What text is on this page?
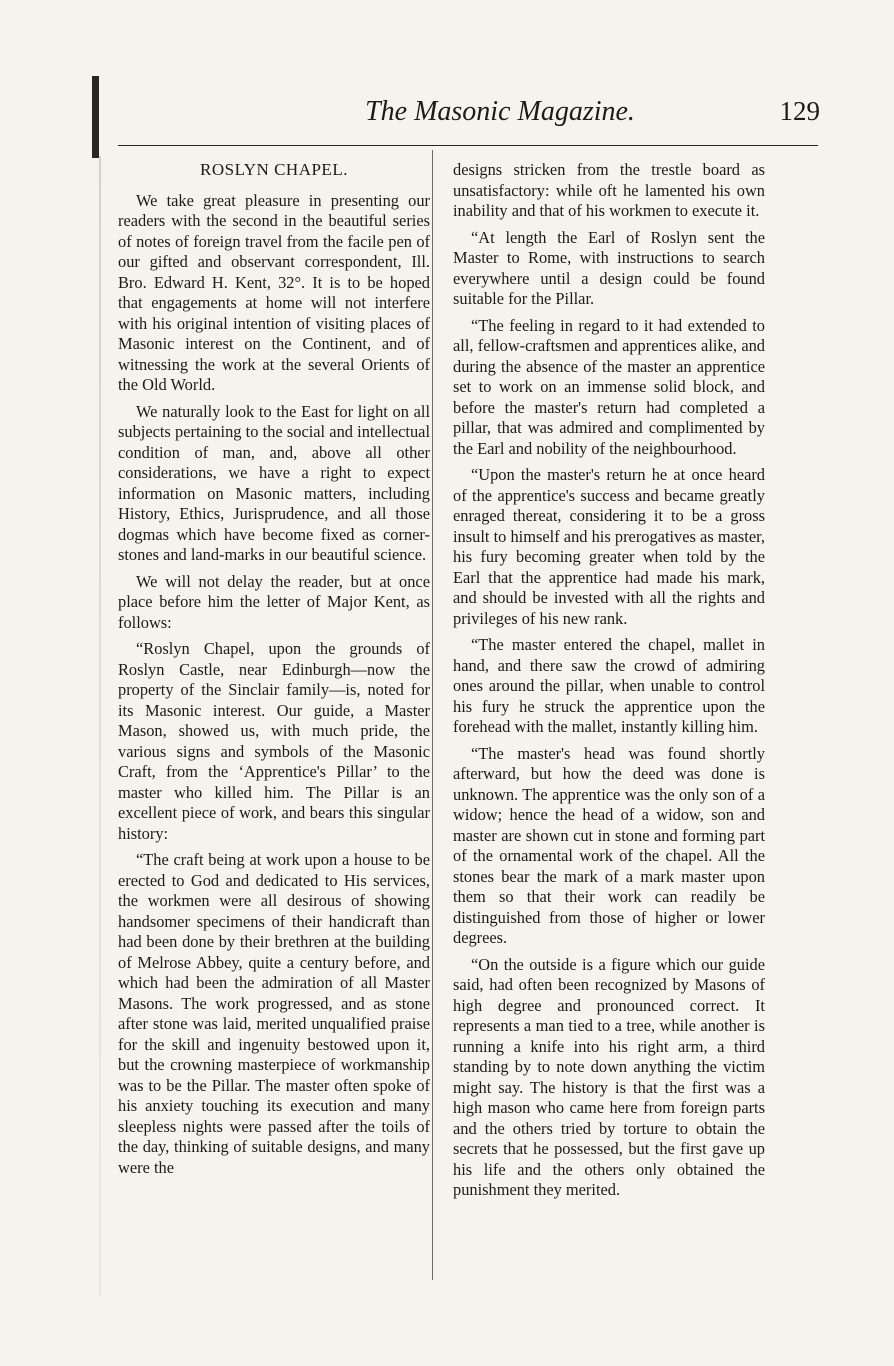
The Masonic Magazine.	129
ROSLYN CHAPEL.

We take great pleasure in presenting our readers with the second in the beautiful series of notes of foreign travel from the facile pen of our gifted and observant correspondent, Ill. Bro. Edward H. Kent, 32°. It is to be hoped that engagements at home will not interfere with his original intention of visiting places of Masonic interest on the Continent, and of witnessing the work at the several Orients of the Old World.

We naturally look to the East for light on all subjects pertaining to the social and intellectual condition of man, and, above all other considerations, we have a right to expect information on Masonic matters, including History, Ethics, Jurisprudence, and all those dogmas which have become fixed as corner-stones and land-marks in our beautiful science.

We will not delay the reader, but at once place before him the letter of Major Kent, as follows:

“Roslyn Chapel, upon the grounds of Roslyn Castle, near Edinburgh—now the property of the Sinclair family—is, noted for its Masonic interest. Our guide, a Master Mason, showed us, with much pride, the various signs and symbols of the Masonic Craft, from the ‘Apprentice's Pillar’ to the master who killed him. The Pillar is an excellent piece of work, and bears this singular history:

“The craft being at work upon a house to be erected to God and dedicated to His services, the workmen were all desirous of showing handsomer specimens of their handicraft than had been done by their brethren at the building of Melrose Abbey, quite a century before, and which had been the admiration of all Master Masons. The work progressed, and as stone after stone was laid, merited unqualified praise for the skill and ingenuity bestowed upon it, but the crowning masterpiece of workmanship was to be the Pillar. The master often spoke of his anxiety touching its execution and many sleepless nights were passed after the toils of the day, thinking of suitable designs, and many were the

designs stricken from the trestle board as unsatisfactory: while oft he lamented his own inability and that of his workmen to execute it.

“At length the Earl of Roslyn sent the Master to Rome, with instructions to search everywhere until a design could be found suitable for the Pillar.

“The feeling in regard to it had extended to all, fellow-craftsmen and apprentices alike, and during the absence of the master an apprentice set to work on an immense solid block, and before the master's return had completed a pillar, that was admired and complimented by the Earl and nobility of the neighbourhood.

“Upon the master's return he at once heard of the apprentice's success and became greatly enraged thereat, considering it to be a gross insult to himself and his prerogatives as master, his fury becoming greater when told by the Earl that the apprentice had made his mark, and should be invested with all the rights and privileges of his new rank.

“The master entered the chapel, mallet in hand, and there saw the crowd of admiring ones around the pillar, when unable to control his fury he struck the apprentice upon the forehead with the mallet, instantly killing him.

“The master's head was found shortly afterward, but how the deed was done is unknown. The apprentice was the only son of a widow; hence the head of a widow, son and master are shown cut in stone and forming part of the ornamental work of the chapel. All the stones bear the mark of a mark master upon them so that their work can readily be distinguished from those of higher or lower degrees.

“On the outside is a figure which our guide said, had often been recognized by Masons of high degree and pronounced correct. It represents a man tied to a tree, while another is running a knife into his right arm, a third standing by to note down anything the victim might say. The history is that the first was a high mason who came here from foreign parts and the others tried by torture to obtain the secrets that he possessed, but the first gave up his life and the others only obtained the punishment they merited.
